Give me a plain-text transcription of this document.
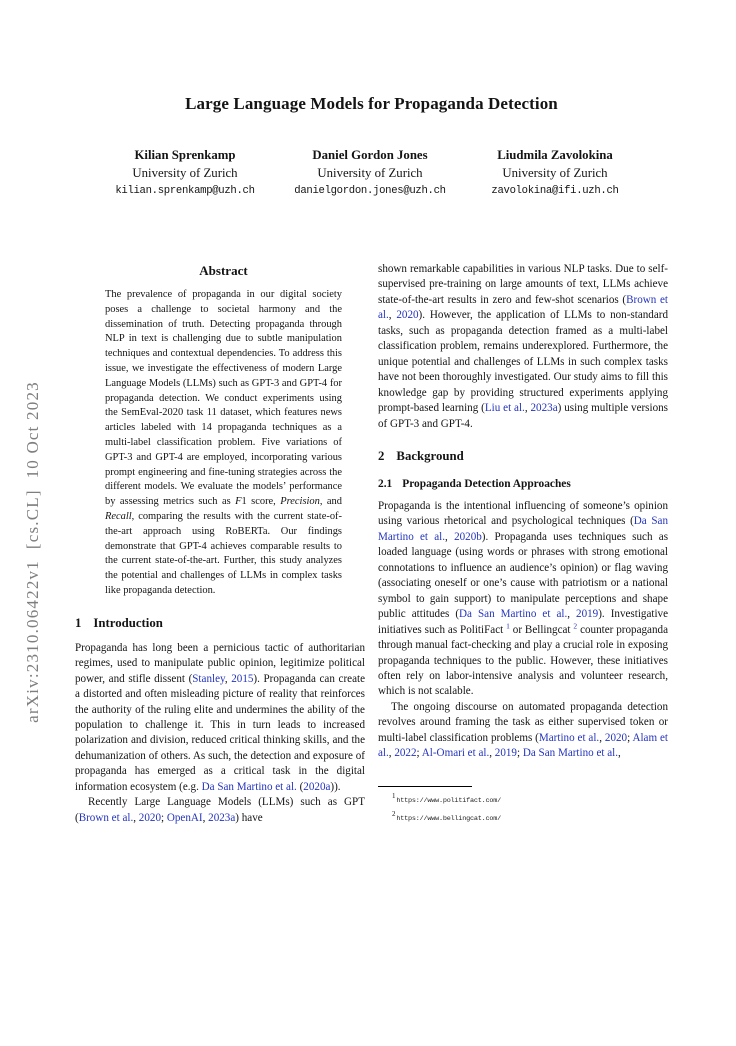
arXiv:2310.06422v1  [cs.CL]  10 Oct 2023
Large Language Models for Propaganda Detection
Kilian Sprenkamp
University of Zurich
kilian.sprenkamp@uzh.ch
Daniel Gordon Jones
University of Zurich
danielgordon.jones@uzh.ch
Liudmila Zavolokina
University of Zurich
zavolokina@ifi.uzh.ch
Abstract

The prevalence of propaganda in our digital society poses a challenge to societal harmony and the dissemination of truth. Detecting propaganda through NLP in text is challenging due to subtle manipulation techniques and contextual dependencies. To address this issue, we investigate the effectiveness of modern Large Language Models (LLMs) such as GPT-3 and GPT-4 for propaganda detection. We conduct experiments using the SemEval-2020 task 11 dataset, which features news articles labeled with 14 propaganda techniques as a multi-label classification problem. Five variations of GPT-3 and GPT-4 are employed, incorporating various prompt engineering and fine-tuning strategies across the different models. We evaluate the models’ performance by assessing metrics such as F1 score, Precision, and Recall, comparing the results with the current state-of-the-art approach using RoBERTa. Our findings demonstrate that GPT-4 achieves comparable results to the current state-of-the-art. Further, this study analyzes the potential and challenges of LLMs in complex tasks like propaganda detection.

1 Introduction

Propaganda has long been a pernicious tactic of authoritarian regimes, used to manipulate public opinion, legitimize political power, and stifle dissent (Stanley, 2015). Propaganda can create a distorted and often misleading picture of reality that reinforces the authority of the ruling elite and undermines the ability of the population to challenge it. This in turn leads to increased polarization and division, reduced critical thinking skills, and the dehumanization of others. As such, the detection and exposure of propaganda has emerged as a critical task in the digital information ecosystem (e.g. Da San Martino et al. (2020a)).

Recently Large Language Models (LLMs) such as GPT (Brown et al., 2020; OpenAI, 2023a) have

shown remarkable capabilities in various NLP tasks. Due to self-supervised pre-training on large amounts of text, LLMs achieve state-of-the-art results in zero and few-shot scenarios (Brown et al., 2020). However, the application of LLMs to non-standard tasks, such as propaganda detection framed as a multi-label classification problem, remains underexplored. Furthermore, the unique potential and challenges of LLMs in such complex tasks have not been thoroughly investigated. Our study aims to fill this knowledge gap by providing structured experiments applying prompt-based learning (Liu et al., 2023a) using multiple versions of GPT-3 and GPT-4.

2 Background
2.1 Propaganda Detection Approaches

Propaganda is the intentional influencing of someone’s opinion using various rhetorical and psychological techniques (Da San Martino et al., 2020b). Propaganda uses techniques such as loaded language (using words or phrases with strong emotional connotations to influence an audience’s opinion) or flag waving (associating oneself or one’s cause with patriotism or a national symbol to gain support) to manipulate perceptions and shape public attitudes (Da San Martino et al., 2019). Investigative initiatives such as PolitiFact $^1$ or Bellingcat $^2$ counter propaganda through manual fact-checking and play a crucial role in exposing propaganda techniques to the public. However, these initiatives often rely on labor-intensive analysis and volunteer research, which is not scalable.

The ongoing discourse on automated propaganda detection revolves around framing the task as either supervised token or multi-label classification problems (Martino et al., 2020; Alam et al., 2022; Al-Omari et al., 2019; Da San Martino et al.,

1https://www.politifact.com/
2https://www.bellingcat.com/
